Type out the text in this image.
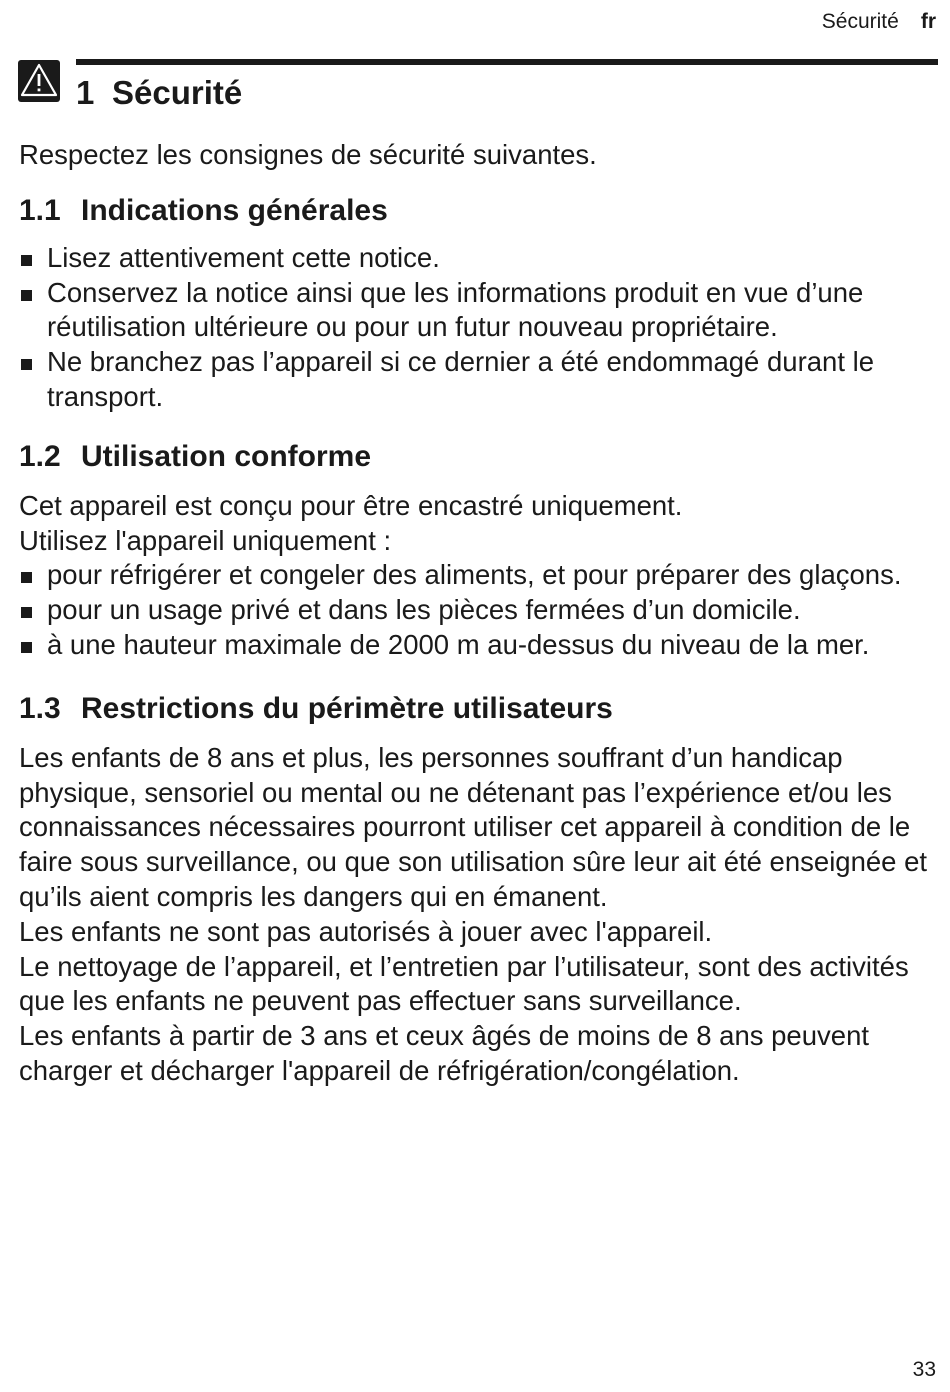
Sécurité fr
1 Sécurité

Respectez les consignes de sécurité suivantes.

1.1 Indications générales
Lisez attentivement cette notice.
Conservez la notice ainsi que les informations produit en vue d’une réutilisation ultérieure ou pour un futur nouveau propriétaire.
Ne branchez pas l’appareil si ce dernier a été endommagé durant le transport.
1.2 Utilisation conforme

Cet appareil est conçu pour être encastré uniquement.

Utilisez l'appareil uniquement :

pour réfrigérer et congeler des aliments, et pour préparer des glaçons.
pour un usage privé et dans les pièces fermées d’un domicile.
à une hauteur maximale de 2000 m au-dessus du niveau de la mer.
1.3 Restrictions du périmètre utilisateurs

Les enfants de 8 ans et plus, les personnes souffrant d’un handicap physique, sensoriel ou mental ou ne détenant pas l’expérience et/ou les connaissances nécessaires pourront utiliser cet appareil à condition de le faire sous surveillance, ou que son utilisation sûre leur ait été enseignée et qu’ils aient compris les dangers qui en émanent.

Les enfants ne sont pas autorisés à jouer avec l'appareil.

Le nettoyage de l’appareil, et l’entretien par l’utilisateur, sont des activités que les enfants ne peuvent pas effectuer sans surveillance.

Les enfants à partir de 3 ans et ceux âgés de moins de 8 ans peuvent charger et décharger l'appareil de réfrigération/congélation.

33
